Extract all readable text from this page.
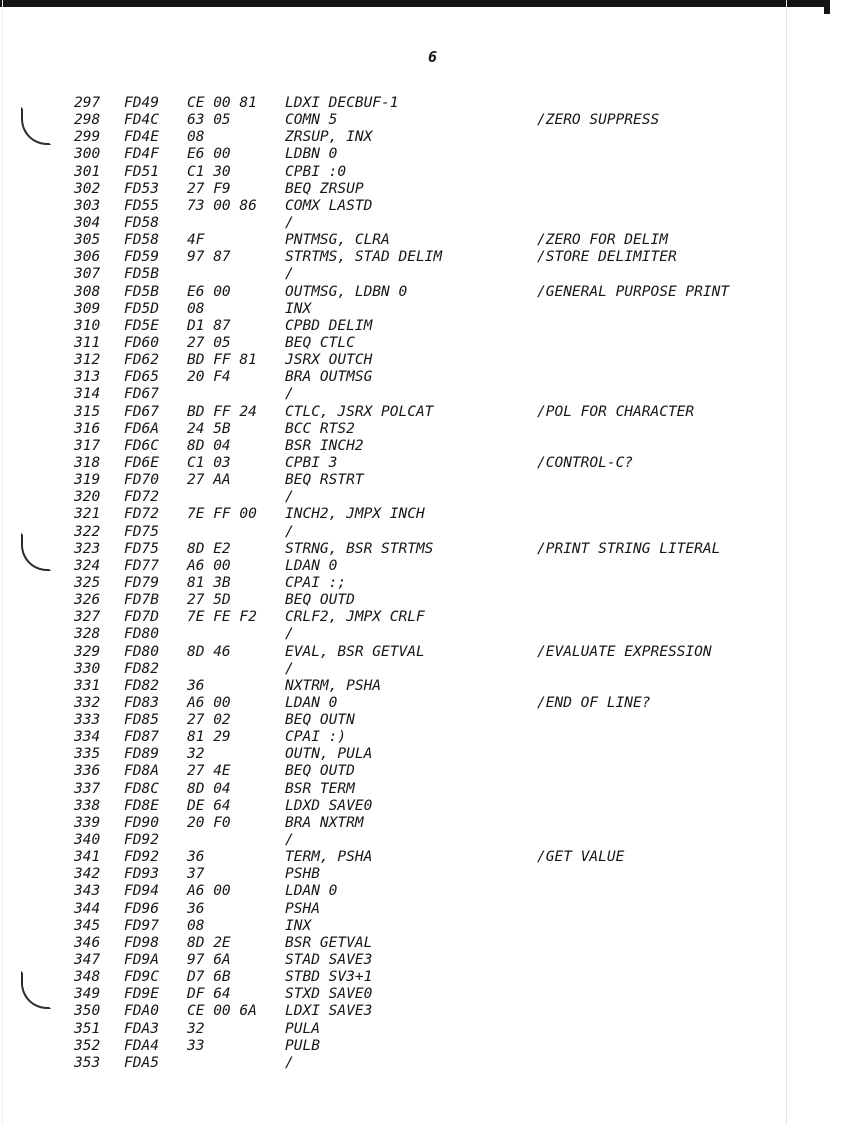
6
297 FD49 CE 00 81 LDXI DECBUF-1
298 FD4C 63 05	COMN 5	/ZERO SUPPRESS
299 FD4E 08	ZRSUP, INX
300 FD4F E6 00	LDBN 0
301 FD51 C1 30	CPBI :0
302 FD53 27 F9	BEQ ZRSUP
303 FD55 73 00 86 COMX LASTD
304 FD58	/
305 FD58 4F	PNTMSG, CLRA	/ZERO FOR DELIM
306 FD59 97 87	STRTMS, STAD DELIM	/STORE DELIMITER
307 FD5B	/
308 FD5B E6 00	OUTMSG, LDBN 0	/GENERAL PURPOSE PRINT
309 FD5D 08	INX
310 FD5E D1 87	CPBD DELIM
311 FD60 27 05	BEQ CTLC
312 FD62 BD FF 81 JSRX OUTCH
313 FD65 20 F4	BRA OUTMSG
314 FD67	/
315 FD67 BD FF 24 CTLC, JSRX POLCAT	/POL FOR CHARACTER
316 FD6A 24 5B	BCC RTS2
317 FD6C 8D 04	BSR INCH2
318 FD6E C1 03	CPBI 3	/CONTROL-C?
319 FD70 27 AA	BEQ RSTRT
320 FD72	/
321 FD72 7E FF 00 INCH2, JMPX INCH
322 FD75	/
323 FD75 8D E2	STRNG, BSR STRTMS	/PRINT STRING LITERAL
324 FD77 A6 00	LDAN 0
325 FD79 81 3B	CPAI :;
326 FD7B 27 5D	BEQ OUTD
327 FD7D 7E FE F2 CRLF2, JMPX CRLF
328 FD80	/
329 FD80 8D 46	EVAL, BSR GETVAL	/EVALUATE EXPRESSION
330 FD82	/
331 FD82 36	NXTRM, PSHA
332 FD83 A6 00	LDAN 0	/END OF LINE?
333 FD85 27 02	BEQ OUTN
334 FD87 81 29	CPAI :)
335 FD89 32	OUTN, PULA
336 FD8A 27 4E	BEQ OUTD
337 FD8C 8D 04	BSR TERM
338 FD8E DE 64	LDXD SAVE0
339 FD90 20 F0	BRA NXTRM
340 FD92	/
341 FD92 36	TERM, PSHA	/GET VALUE
342 FD93 37	PSHB
343 FD94 A6 00	LDAN 0
344 FD96 36	PSHA
345 FD97 08	INX
346 FD98 8D 2E	BSR GETVAL
347 FD9A 97 6A	STAD SAVE3
348 FD9C D7 6B	STBD SV3+1
349 FD9E DF 64	STXD SAVE0
350 FDA0 CE 00 6A LDXI SAVE3
351 FDA3 32	PULA
352 FDA4 33	PULB
353 FDA5	/
